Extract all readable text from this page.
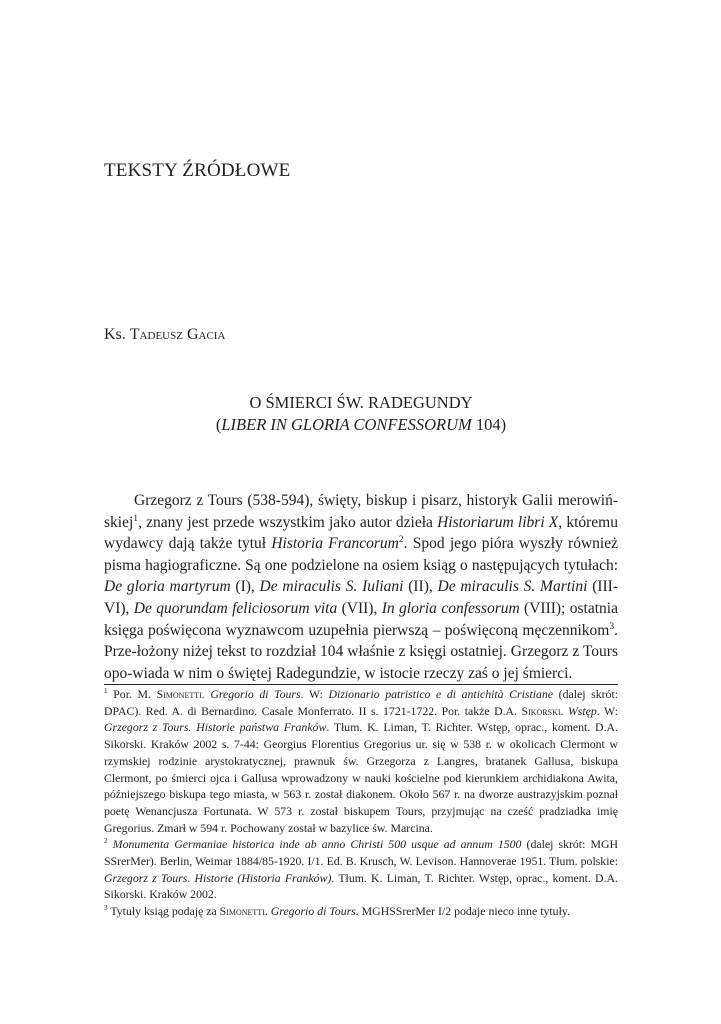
TEKSTY ŹRÓDŁOWE
Ks. Tadeusz Gacia
O ŚMIERCI ŚW. RADEGUNDY
(LIBER IN GLORIA CONFESSORUM 104)
Grzegorz z Tours (538-594), święty, biskup i pisarz, historyk Galii merowiń-skiej$^1$, znany jest przede wszystkim jako autor dzieła Historiarum libri X, któremu wydawcy dają także tytuł Historia Francorum$^2$. Spod jego pióra wyszły również pisma hagiograficzne. Są one podzielone na osiem ksiąg o następujących tytułach: De gloria martyrum (I), De miraculis S. Iuliani (II), De miraculis S. Martini (III-VI), De quorundam feliciosorum vita (VII), In gloria confessorum (VIII); ostatnia księga poświęcona wyznawcom uzupełnia pierwszą – poświęconą męczennikom$^3$. Prze-łożony niżej tekst to rozdział 104 właśnie z księgi ostatniej. Grzegorz z Tours opo-wiada w nim o świętej Radegundzie, w istocie rzeczy zaś o jej śmierci.
$^1$ Por. M. Simonetti. Gregorio di Tours. W: Dizionario patristico e di antichità Cristiane (dalej skrót: DPAC). Red. A. di Bernardino. Casale Monferrato. II s. 1721-1722. Por. także D.A. Sikorski. Wstęp. W: Grzegorz z Tours. Historie państwa Franków. Tłum. K. Liman, T. Richter. Wstęp, oprac., koment. D.A. Sikorski. Kraków 2002 s. 7-44: Georgius Florentius Gregorius ur. się w 538 r. w okolicach Clermont w rzymskiej rodzinie arystokratycznej, prawnuk św. Grzegorza z Langres, bratanek Gallusa, biskupa Clermont, po śmierci ojca i Gallusa wprowadzony w nauki kościelne pod kierunkiem archidiakona Awita, późniejszego biskupa tego miasta, w 563 r. został diakonem. Około 567 r. na dworze austrazyjskim poznał poetę Wenancjusza Fortunata. W 573 r. został biskupem Tours, przyjmując na cześć pradziadka imię Gregorius. Zmarł w 594 r. Pochowany został w bazylice św. Marcina.
$^2$ Monumenta Germaniae historica inde ab anno Christi 500 usque ad annum 1500 (dalej skrót: MGH SSrerMer). Berlin, Weimar 1884/85-1920. I/1. Ed. B. Krusch, W. Levison. Hannoverae 1951. Tłum. polskie: Grzegorz z Tours. Historie (Historia Franków). Tłum. K. Liman, T. Richter. Wstęp, oprac., koment. D.A. Sikorski. Kraków 2002.
$^3$ Tytuły ksiąg podaję za Simonetti. Gregorio di Tours. MGHSSrerMer I/2 podaje nieco inne tytuły.
